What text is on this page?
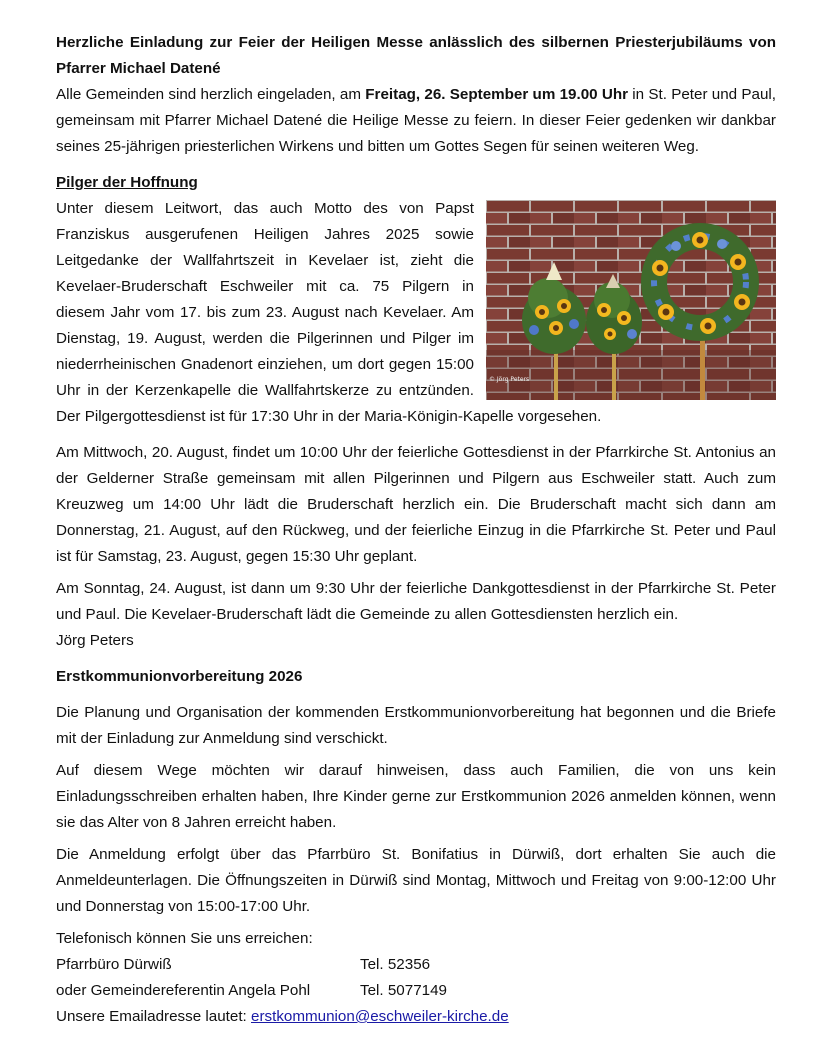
Herzliche Einladung zur Feier der Heiligen Messe anlässlich des silbernen Priesterjubiläums von Pfarrer Michael Datené

Alle Gemeinden sind herzlich eingeladen, am Freitag, 26. September um 19.00 Uhr in St. Peter und Paul, gemeinsam mit Pfarrer Michael Datené die Heilige Messe zu feiern. In dieser Feier gedenken wir dankbar seines 25-jährigen priesterlichen Wirkens und bitten um Gottes Segen für seinen weiteren Weg.

Pilger der Hoffnung

© Jörg Peters

Unter diesem Leitwort, das auch Motto des von Papst Franziskus ausgerufenen Heiligen Jahres 2025 sowie Leitgedanke der Wallfahrtszeit in Kevelaer ist, zieht die Kevelaer-Bruderschaft Eschweiler mit ca. 75 Pilgern in diesem Jahr vom 17. bis zum 23. August nach Kevelaer. Am Dienstag, 19. August, werden die Pilgerinnen und Pilger im niederrheinischen Gnadenort einziehen, um dort gegen 15:00 Uhr in der Kerzenkapelle die Wallfahrtskerze zu entzünden. Der Pilgergottesdienst ist für 17:30 Uhr in der Maria-Königin-Kapelle vorgesehen.

Am Mittwoch, 20. August, findet um 10:00 Uhr der feierliche Gottesdienst in der Pfarrkirche St. Antonius an der Gelderner Straße gemeinsam mit allen Pilgerinnen und Pilgern aus Eschweiler statt. Auch zum Kreuzweg um 14:00 Uhr lädt die Bruderschaft herzlich ein. Die Bruderschaft macht sich dann am Donnerstag, 21. August, auf den Rückweg, und der feierliche Einzug in die Pfarrkirche St. Peter und Paul ist für Samstag, 23. August, gegen 15:30 Uhr geplant.

Am Sonntag, 24. August, ist dann um 9:30 Uhr der feierliche Dankgottesdienst in der Pfarrkirche St. Peter und Paul. Die Kevelaer-Bruderschaft lädt die Gemeinde zu allen Gottesdiensten herzlich ein.

Jörg Peters

Erstkommunionvorbereitung 2026

Die Planung und Organisation der kommenden Erstkommunionvorbereitung hat begonnen und die Briefe mit der Einladung zur Anmeldung sind verschickt.

Auf diesem Wege möchten wir darauf hinweisen, dass auch Familien, die von uns kein Einladungsschreiben erhalten haben, Ihre Kinder gerne zur Erstkommunion 2026 anmelden können, wenn sie das Alter von 8 Jahren erreicht haben.

Die Anmeldung erfolgt über das Pfarrbüro St. Bonifatius in Dürwiß, dort erhalten Sie auch die Anmeldeunterlagen. Die Öffnungszeiten in Dürwiß sind Montag, Mittwoch und Freitag von 9:00-12:00 Uhr und Donnerstag von 15:00-17:00 Uhr.

Telefonisch können Sie uns erreichen:

Pfarrbüro Dürwiß	Tel. 52356
oder Gemeindereferentin Angela Pohl	Tel. 5077149

Unsere Emailadresse lautet: erstkommunion@eschweiler-kirche.de
